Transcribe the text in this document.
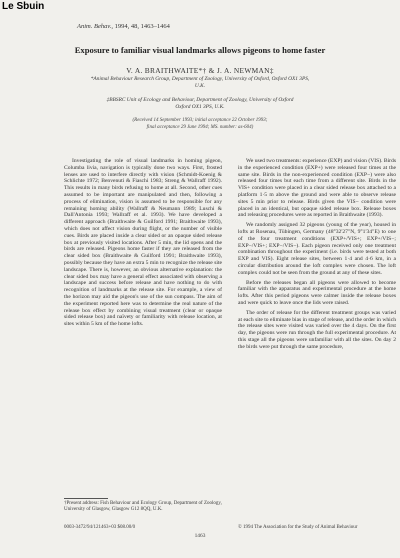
Le Sbuin
Anim. Behav., 1994, 48, 1463–1464
Exposure to familiar visual landmarks allows pigeons to home faster
V. A. BRAITHWAITE*† & J. A. NEWMAN‡
*Animal Behaviour Research Group, Department of Zoology, University of Oxford, Oxford OX1 3PS,
U.K.
‡BBSRC Unit of Ecology and Behaviour, Department of Zoology, University of Oxford
Oxford OX1 3PS, U.K.
(Received 14 September 1993; initial acceptance 22 October 1993;
final acceptance 29 June 1994; MS. number: as-604)

Investigating the role of visual landmarks in homing pigeon, Columba livia, navigation is typically done two ways. First, frosted lenses are used to interfere directly with vision (Schmidt-Koenig & Schlichte 1972; Benvenuti & Fiaschi 1983; Streng & Wallraff 1992). This results in many birds refusing to home at all. Second, other cues assumed to be important are manipulated and then, following a process of elimination, vision is assumed to be responsible for any remaining homing ability (Wallraff & Neumann 1989; Luschi & Dall'Antonia 1993; Wallraff et al. 1993). We have developed a different approach (Braithwaite & Guilford 1991; Braithwaite 1993), which does not affect vision during flight, or the number of visible cues. Birds are placed inside a clear sided or an opaque sided release box at previously visited locations. After 5 min, the lid opens and the birds are released. Pigeons home faster if they are released from the clear sided box (Braithwaite & Guilford 1991; Braithwaite 1993), possibly because they have an extra 5 min to recognize the release site landscape. There is, however, an obvious alternative explanation: the clear sided box may have a general effect associated with observing a landscape and success before release and have nothing to do with recognition of landmarks at the release site. For example, a view of the horizon may aid the pigeon's use of the sun compass. The aim of the experiment reported here was to determine the real nature of the release box effect by combining visual treatment (clear or opaque sided release box) and naïvety or familiarity with release location, at sites within 5 km of the home lofts.

We used two treatments: experience (EXP) and vision (VIS). Birds in the experienced condition (EXP+) were released four times at the same site. Birds in the non-experienced condition (EXP−) were also released four times but each time from a different site. Birds in the VIS+ condition were placed in a clear sided release box attached to a platform 1·5 m above the ground and were able to observe release sites 5 min prior to release. Birds given the VIS− condition were placed in an identical, but opaque sided release box. Release boxes and releasing procedures were as reported in Braithwaite (1993).

We randomly assigned 32 pigeons (young of the year), housed in lofts at Rosenau, Tübingen, Germany (48°32'27"N, 9°1'34"E) to one of the four treatment conditions (EXP+/VIS+; EXP+/VIS−; EXP−/VIS+; EXP−/VIS−). Each pigeon received only one treatment combination throughout the experiment (i.e. birds were tested at both EXP and VIS). Eight release sites, between 1·4 and 4·6 km, in a circular distribution around the loft complex were chosen. The loft complex could not be seen from the ground at any of these sites.

Before the releases began all pigeons were allowed to become familiar with the apparatus and experimental procedure at the home lofts. After this period pigeons were calmer inside the release boxes and were quick to leave once the lids were raised.

The order of release for the different treatment groups was varied at each site to eliminate bias in stage of release, and the order in which the release sites were visited was varied over the 4 days. On the first day, the pigeons were run through the full experimental procedure. At this stage all the pigeons were unfamiliar with all the sites. On day 2 the birds were put through the same procedure,

†Present address: Fish Behaviour and Ecology Group, Department of Zoology, University of Glasgow, Glasgow G12 8QQ, U.K.
0003-3472/94/121463+03 $08.00/0	© 1994 The Association for the Study of Animal Behaviour
1463
